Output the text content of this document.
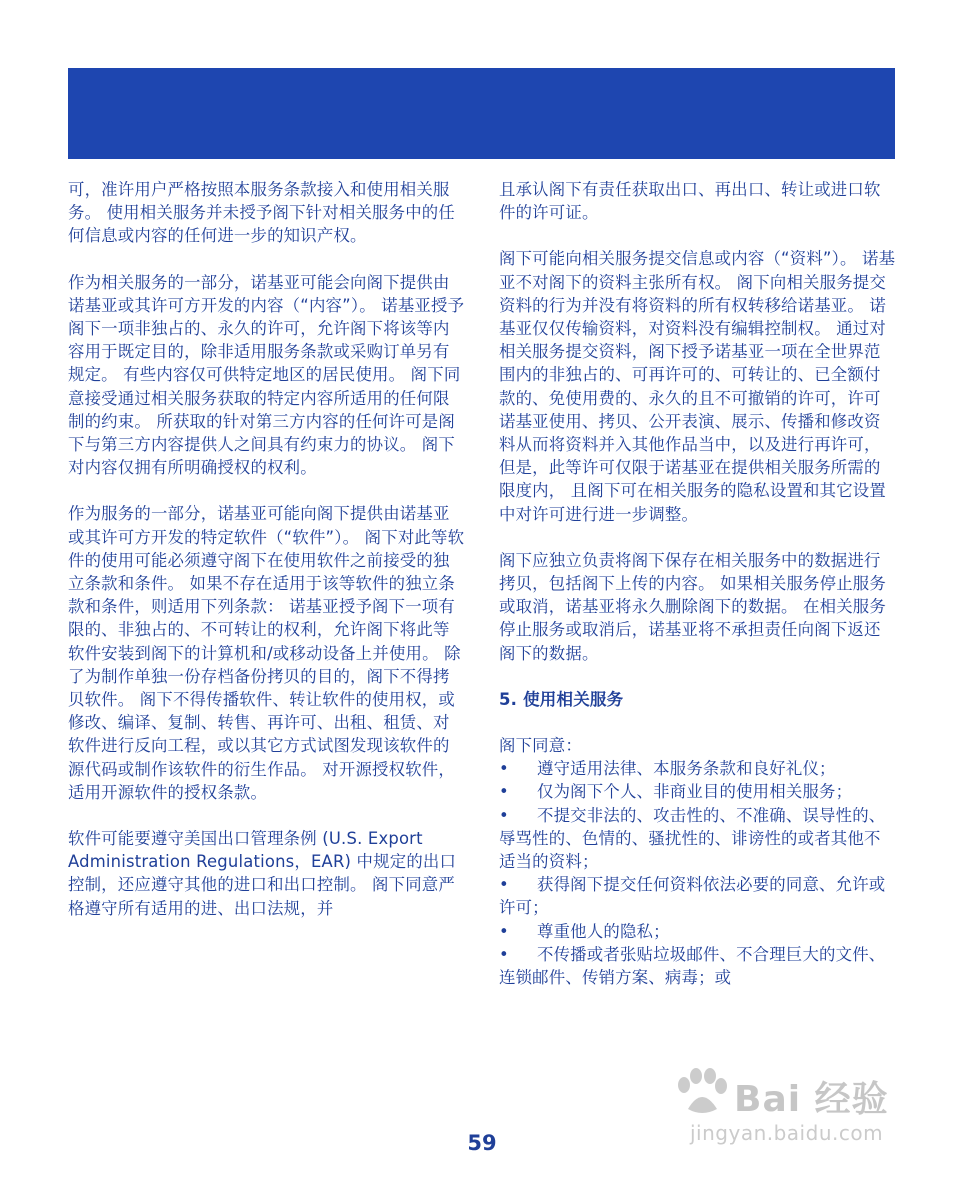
可，准许用户严格按照本服务条款接入和使用相关服务。 使用相关服务并未授予阁下针对相关服务中的任何信息或内容的任何进一步的知识产权。

作为相关服务的一部分，诺基亚可能会向阁下提供由诺基亚或其许可方开发的内容（“内容”）。 诺基亚授予阁下一项非独占的、永久的许可，允许阁下将该等内容用于既定目的，除非适用服务条款或采购订单另有规定。 有些内容仅可供特定地区的居民使用。 阁下同意接受通过相关服务获取的特定内容所适用的任何限制的约束。 所获取的针对第三方内容的任何许可是阁下与第三方内容提供人之间具有约束力的协议。 阁下对内容仅拥有所明确授权的权利。

作为服务的一部分，诺基亚可能向阁下提供由诺基亚或其许可方开发的特定软件（“软件”）。 阁下对此等软件的使用可能必须遵守阁下在使用软件之前接受的独立条款和条件。 如果不存在适用于该等软件的独立条款和条件，则适用下列条款： 诺基亚授予阁下一项有限的、非独占的、不可转让的权利，允许阁下将此等软件安装到阁下的计算机和/或移动设备上并使用。 除了为制作单独一份存档备份拷贝的目的，阁下不得拷贝软件。 阁下不得传播软件、转让软件的使用权，或修改、编译、复制、转售、再许可、出租、租赁、对软件进行反向工程，或以其它方式试图发现该软件的源代码或制作该软件的衍生作品。 对开源授权软件，适用开源软件的授权条款。

软件可能要遵守美国出口管理条例 (U.S. Export Administration Regulations，EAR) 中规定的出口控制，还应遵守其他的进口和出口控制。 阁下同意严格遵守所有适用的进、出口法规，并

且承认阁下有责任获取出口、再出口、转让或进口软件的许可证。

阁下可能向相关服务提交信息或内容（“资料”）。 诺基亚不对阁下的资料主张所有权。 阁下向相关服务提交资料的行为并没有将资料的所有权转移给诺基亚。 诺基亚仅仅传输资料，对资料没有编辑控制权。 通过对相关服务提交资料，阁下授予诺基亚一项在全世界范围内的非独占的、可再许可的、可转让的、已全额付款的、免使用费的、永久的且不可撤销的许可，许可诺基亚使用、拷贝、公开表演、展示、传播和修改资料从而将资料并入其他作品当中，以及进行再许可，但是，此等许可仅限于诺基亚在提供相关服务所需的限度内， 且阁下可在相关服务的隐私设置和其它设置中对许可进行进一步调整。

阁下应独立负责将阁下保存在相关服务中的数据进行拷贝，包括阁下上传的内容。 如果相关服务停止服务或取消，诺基亚将永久删除阁下的数据。 在相关服务停止服务或取消后，诺基亚将不承担责任向阁下返还阁下的数据。

5. 使用相关服务
阁下同意：
• 遵守适用法律、本服务条款和良好礼仪；
• 仅为阁下个人、非商业目的使用相关服务；
• 不提交非法的、攻击性的、不准确、误导性的、辱骂性的、色情的、骚扰性的、诽谤性的或者其他不适当的资料；
• 获得阁下提交任何资料依法必要的同意、允许或许可；
• 尊重他人的隐私；
• 不传播或者张贴垃圾邮件、不合理巨大的文件、连锁邮件、传销方案、病毒；或
59
Bai 经验
jingyan.baidu.com
